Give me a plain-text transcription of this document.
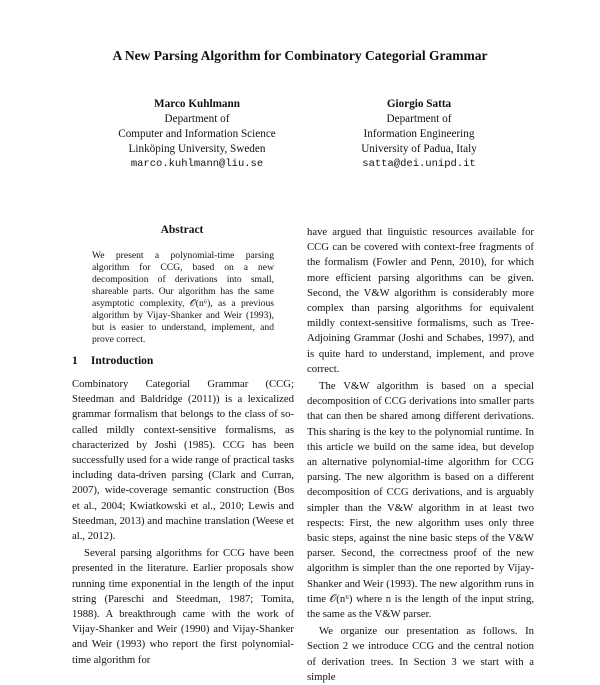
A New Parsing Algorithm for Combinatory Categorial Grammar
Marco Kuhlmann
Department of
Computer and Information Science
Linköping University, Sweden
marco.kuhlmann@liu.se
Giorgio Satta
Department of
Information Engineering
University of Padua, Italy
satta@dei.unipd.it
Abstract
We present a polynomial-time parsing algorithm for CCG, based on a new decomposition of derivations into small, shareable parts. Our algorithm has the same asymptotic complexity, 𝒪(n⁶), as a previous algorithm by Vijay-Shanker and Weir (1993), but is easier to understand, implement, and prove correct.
1 Introduction

Combinatory Categorial Grammar (CCG; Steedman and Baldridge (2011)) is a lexicalized grammar formalism that belongs to the class of so-called mildly context-sensitive formalisms, as characterized by Joshi (1985). CCG has been successfully used for a wide range of practical tasks including data-driven parsing (Clark and Curran, 2007), wide-coverage semantic construction (Bos et al., 2004; Kwiatkowski et al., 2010; Lewis and Steedman, 2013) and machine translation (Weese et al., 2012).

Several parsing algorithms for CCG have been presented in the literature. Earlier proposals show running time exponential in the length of the input string (Pareschi and Steedman, 1987; Tomita, 1988). A breakthrough came with the work of Vijay-Shanker and Weir (1990) and Vijay-Shanker and Weir (1993) who report the first polynomial-time algorithm for

have argued that linguistic resources available for CCG can be covered with context-free fragments of the formalism (Fowler and Penn, 2010), for which more efficient parsing algorithms can be given. Second, the V&W algorithm is considerably more complex than parsing algorithms for equivalent mildly context-sensitive formalisms, such as Tree-Adjoining Grammar (Joshi and Schabes, 1997), and is quite hard to understand, implement, and prove correct.

The V&W algorithm is based on a special decomposition of CCG derivations into smaller parts that can then be shared among different derivations. This sharing is the key to the polynomial runtime. In this article we build on the same idea, but develop an alternative polynomial-time algorithm for CCG parsing. The new algorithm is based on a different decomposition of CCG derivations, and is arguably simpler than the V&W algorithm in at least two respects: First, the new algorithm uses only three basic steps, against the nine basic steps of the V&W parser. Second, the correctness proof of the new algorithm is simpler than the one reported by Vijay-Shanker and Weir (1993). The new algorithm runs in time 𝒪(n⁶) where n is the length of the input string, the same as the V&W parser.

We organize our presentation as follows. In Section 2 we introduce CCG and the central notion of derivation trees. In Section 3 we start with a simple
